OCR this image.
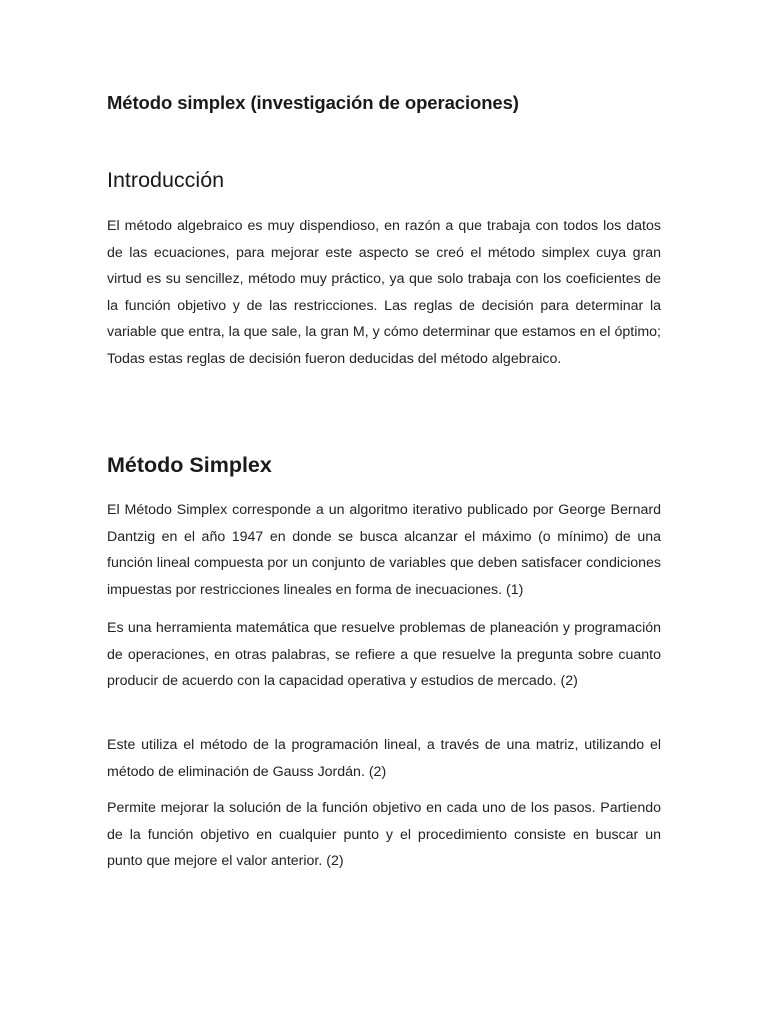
Método simplex (investigación de operaciones)
Introducción

El método algebraico es muy dispendioso, en razón a que trabaja con todos los datos de las ecuaciones, para mejorar este aspecto se creó el método simplex cuya gran virtud es su sencillez, método muy práctico, ya que solo trabaja con los coeficientes de la función objetivo y de las restricciones. Las reglas de decisión para determinar la variable que entra, la que sale, la gran M, y cómo determinar que estamos en el óptimo; Todas estas reglas de decisión fueron deducidas del método algebraico.

Método Simplex

El Método Simplex corresponde a un algoritmo iterativo publicado por George Bernard Dantzig en el año 1947 en donde se busca alcanzar el máximo (o mínimo) de una función lineal compuesta por un conjunto de variables que deben satisfacer condiciones impuestas por restricciones lineales en forma de inecuaciones. (1)

Es una herramienta matemática que resuelve problemas de planeación y programación de operaciones, en otras palabras, se refiere a que resuelve la pregunta sobre cuanto producir de acuerdo con la capacidad operativa y estudios de mercado. (2)

Este utiliza el método de la programación lineal, a través de una matriz, utilizando el método de eliminación de Gauss Jordán. (2)

Permite mejorar la solución de la función objetivo en cada uno de los pasos. Partiendo de la función objetivo en cualquier punto y el procedimiento consiste en buscar un punto que mejore el valor anterior. (2)
